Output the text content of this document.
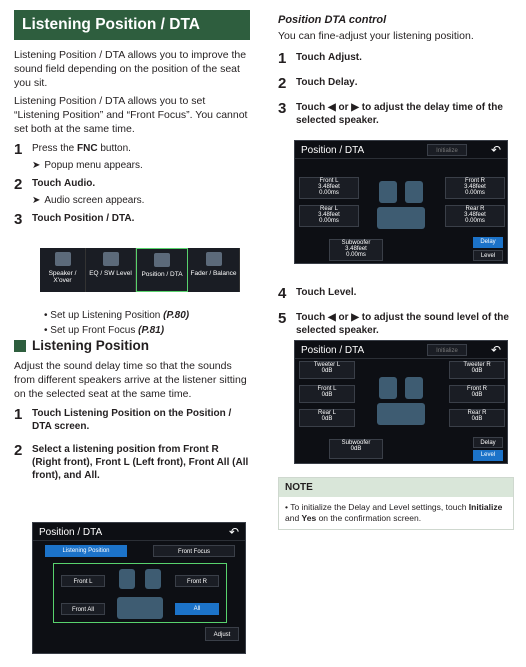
Listening Position / DTA

Listening Position / DTA allows you to improve the sound field depending on the position of the seat you sit.

Listening Position / DTA allows you to set “Listening Position” and “Front Focus”. You cannot set both at the same time.

1 Press the FNC button.
➤ Popup menu appears.
2 Touch Audio.
➤ Audio screen appears.
3 Touch Position / DTA.
Speaker / X'over
EQ / SW Level	Position / DTA	Fader / Balance
• Set up Listening Position (P.80)
• Set up Front Focus (P.81)
Listening Position

Adjust the sound delay time so that the sounds from different speakers arrive at the listener sitting on the selected seat at the same time.

1 Touch Listening Position on the Position / DTA screen.
2 Select a listening position from Front R (Right front), Front L (Left front), Front All (All front), and All.
Position / DTA	↶
Listening Position	Front Focus
Front L	Front R
Front All	All
Adjust
Position DTA control

You can fine-adjust your listening position.

1 Touch Adjust.
2 Touch Delay.
3 Touch ◀ or ▶ to adjust the delay time of the selected speaker.
Position / DTA	Initialize	↶
Front L
3.48feet
0.00ms
Rear L
3.48feet
0.00ms
Front R
3.48feet
0.00ms
Rear R
3.48feet
0.00ms
Subwoofer
3.48feet
0.00ms
Delay
Level
4 Touch Level.
5 Touch ◀ or ▶ to adjust the sound level of the selected speaker.
Position / DTA	Initialize	↶
Tweeter L
0dB
Front L
0dB
Rear L
0dB
Tweeter R
0dB
Front R
0dB
Rear R
0dB
Subwoofer
0dB
Delay
Level
NOTE
• To initialize the Delay and Level settings, touch Initialize and Yes on the confirmation screen.
